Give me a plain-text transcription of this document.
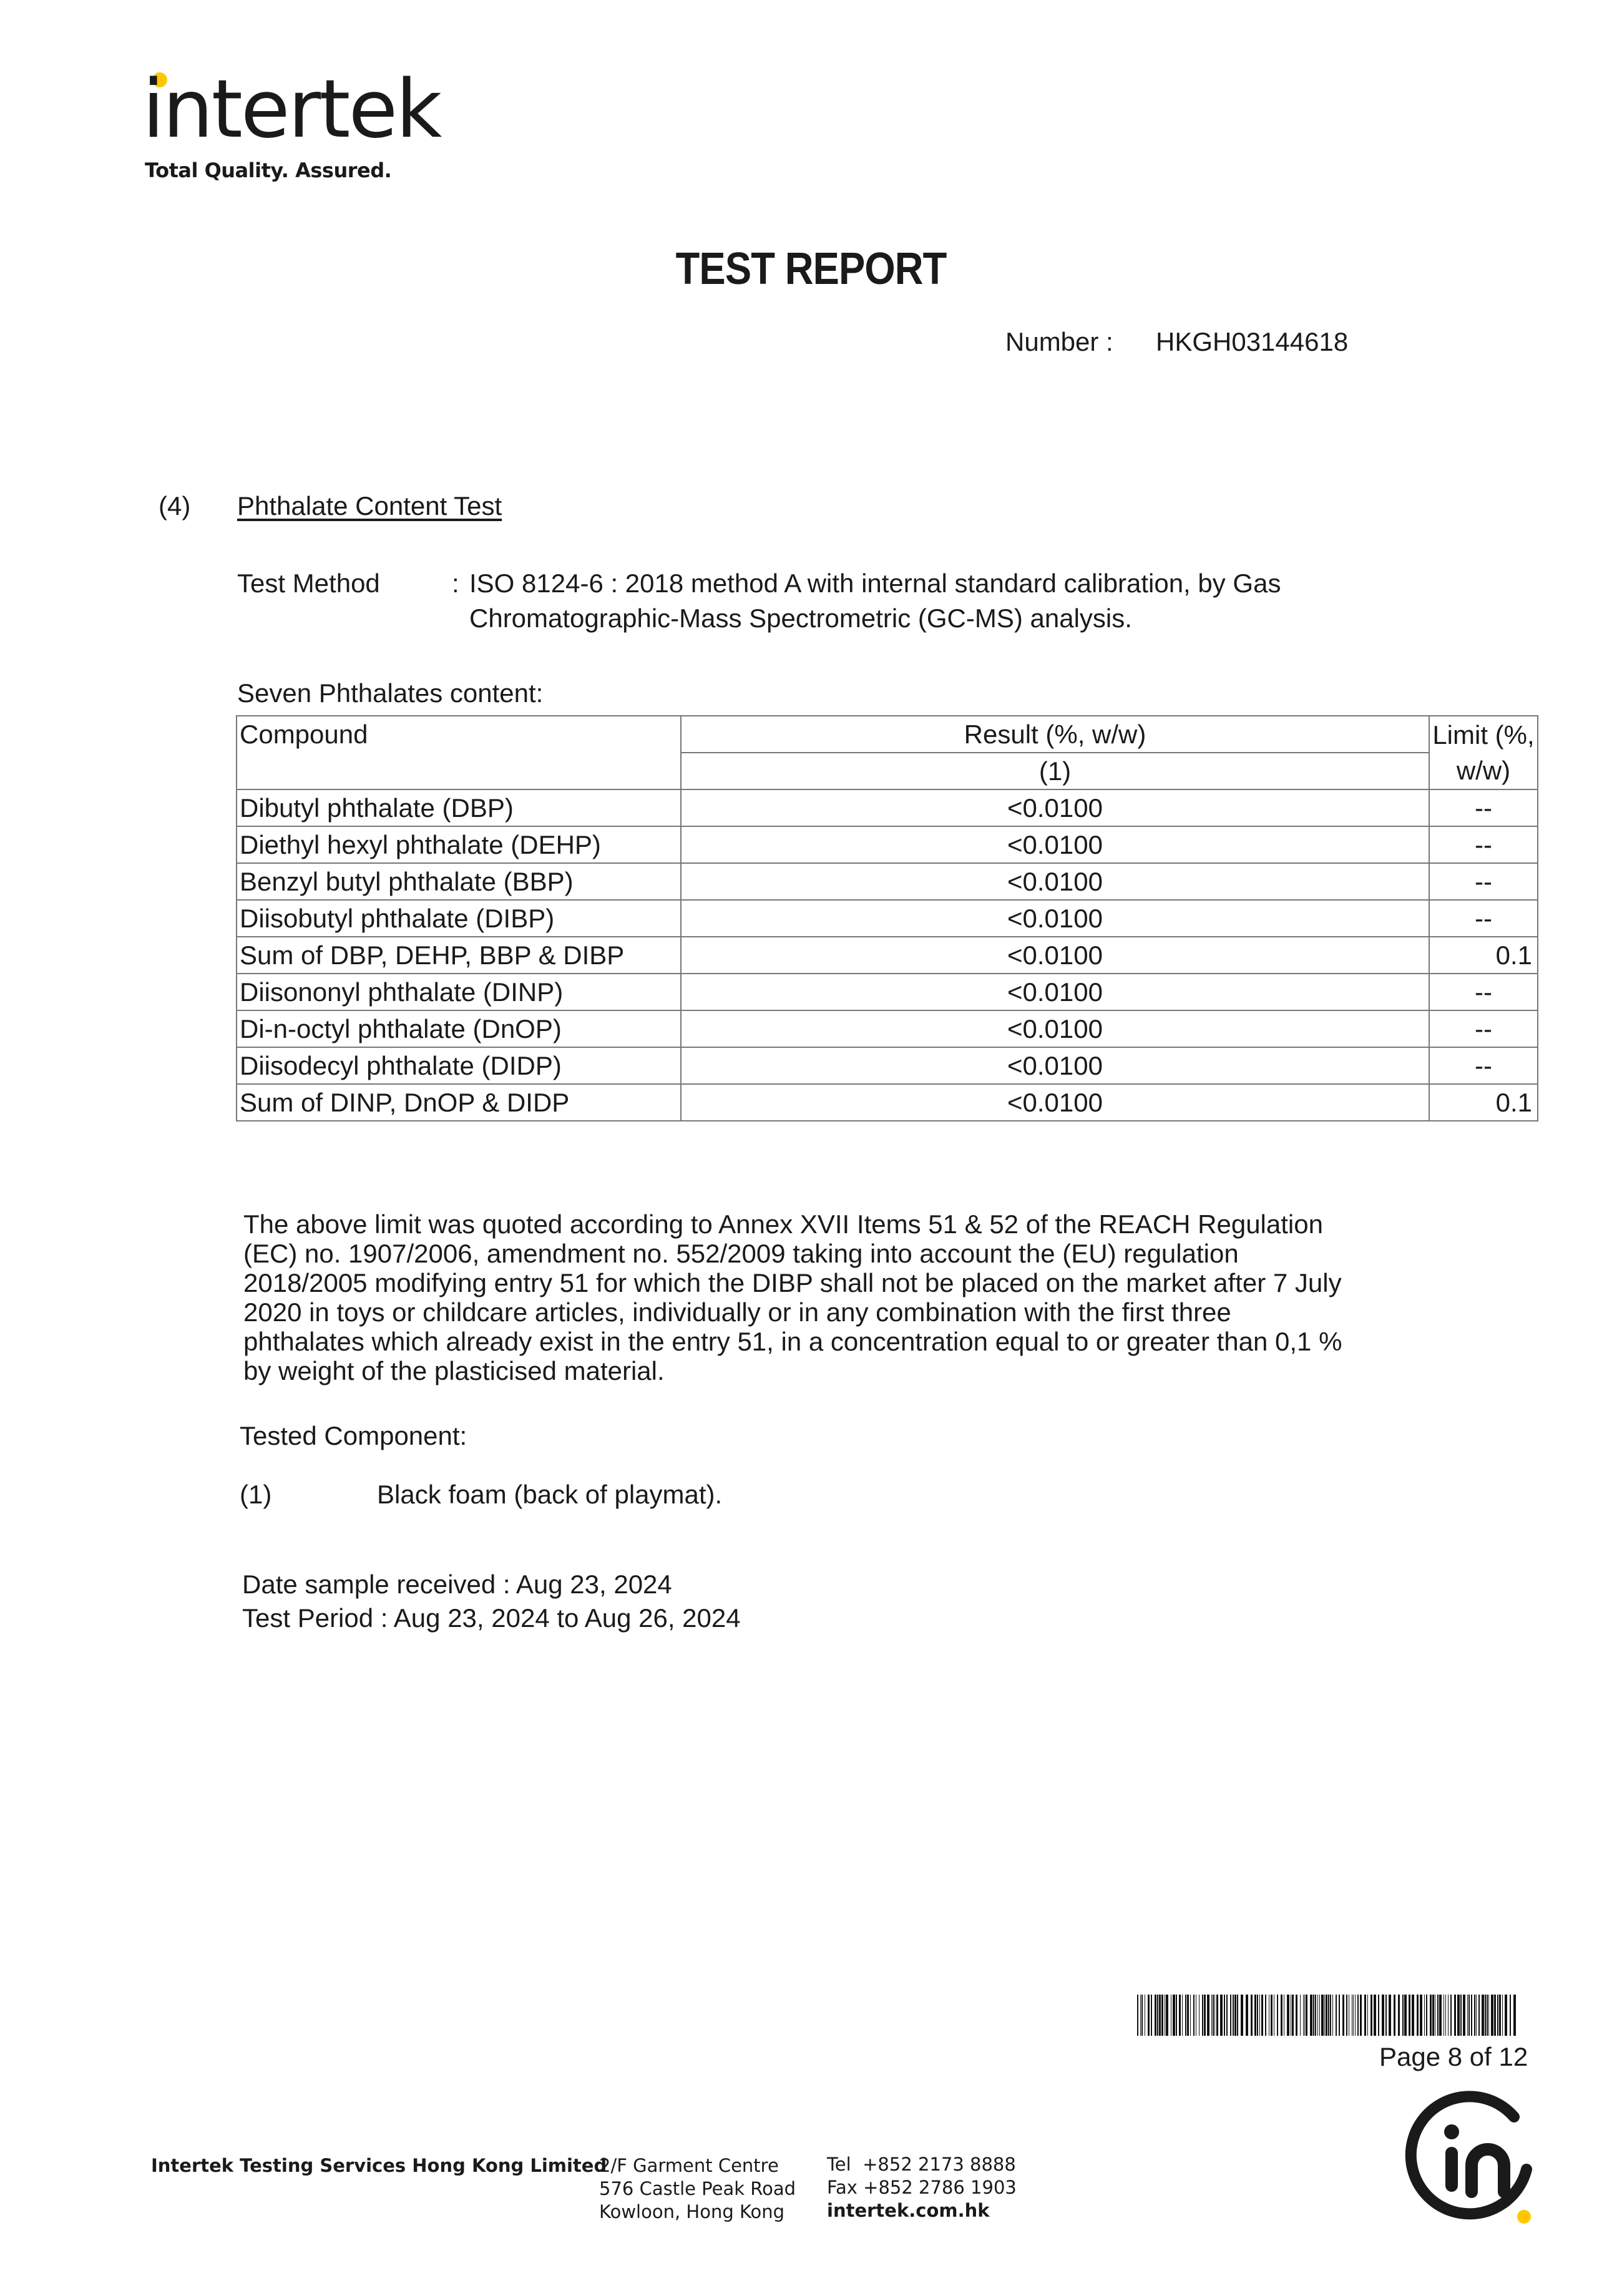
intertek
Total Quality. Assured.
TEST REPORT
Number : HKGH03144618
(4) Phthalate Content Test
Test Method	: ISO 8124-6 : 2018 method A with internal standard calibration, by Gas
Chromatographic-Mass Spectrometric (GC-MS) analysis.
Seven Phthalates content:
Compound	Result (%, w/w)	Limit (%,
w/w)

	(1)	
Dibutyl phthalate (DBP)	<0.0100	--
Diethyl hexyl phthalate (DEHP)	<0.0100	--
Benzyl butyl phthalate (BBP)	<0.0100	--
Diisobutyl phthalate (DIBP)	<0.0100	--
Sum of DBP, DEHP, BBP & DIBP	<0.0100	0.1
Diisononyl phthalate (DINP)	<0.0100	--
Di-n-octyl phthalate (DnOP)	<0.0100	--
Diisodecyl phthalate (DIDP)	<0.0100	--
Sum of DINP, DnOP & DIDP	<0.0100	0.1
The above limit was quoted according to Annex XVII Items 51 & 52 of the REACH Regulation
(EC) no. 1907/2006, amendment no. 552/2009 taking into account the (EU) regulation
2018/2005 modifying entry 51 for which the DIBP shall not be placed on the market after 7 July
2020 in toys or childcare articles, individually or in any combination with the first three
phthalates which already exist in the entry 51, in a concentration equal to or greater than 0,1 %
by weight of the plasticised material.
Tested Component:
(1)	Black foam (back of playmat).
Date sample received : Aug 23, 2024
Test Period : Aug 23, 2024 to Aug 26, 2024
Page 8 of 12
Intertek Testing Services Hong Kong Limited
2/F Garment Centre
576 Castle Peak Road
Kowloon, Hong Kong
Tel  +852 2173 8888
Fax +852 2786 1903
intertek.com.hk
